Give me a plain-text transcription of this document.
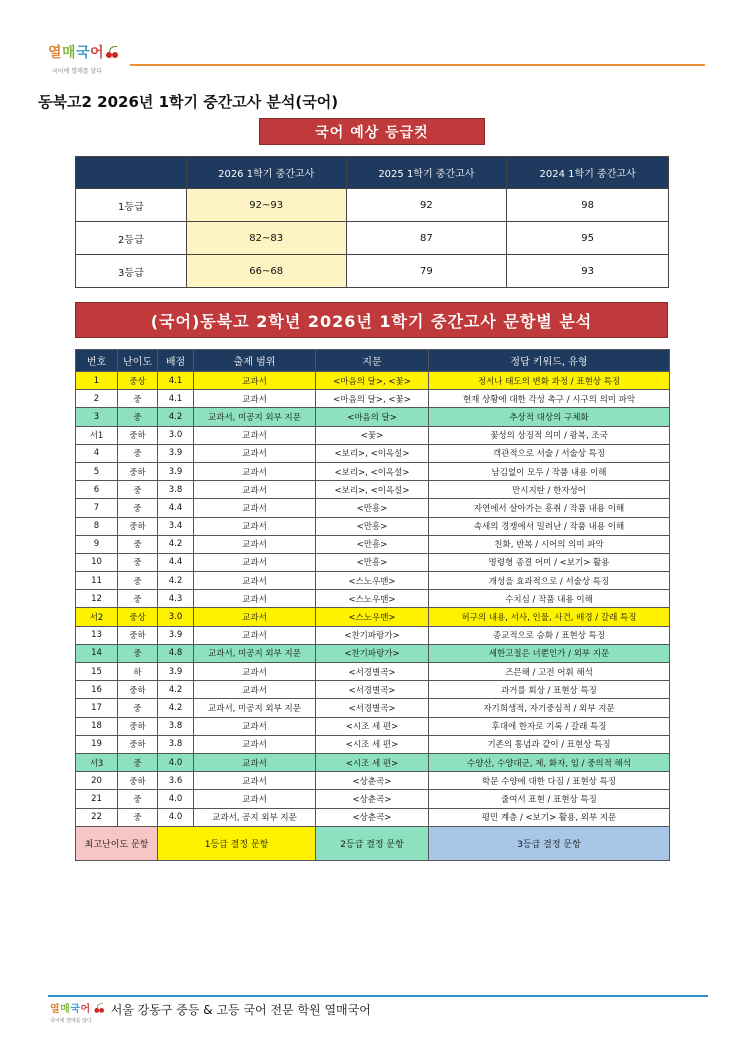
열 매 국 어
국어에 열매를 달다
동북고2 2026년 1학기 중간고사 분석(국어)
국어 예상 등급컷
	2026 1학기 중간고사	2025 1학기 중간고사	2024 1학기 중간고사
1등급	92~93	92	98
2등급	82~83	87	95
3등급	66~68	79	93
(국어)동북고 2학년 2026년 1학기 중간고사 문항별 분석
번호	난이도	배점	출제 범위	지문	정답 키워드, 유형
1	중상	4.1	교과서	<마음의 달>, <꽃>	정서나 태도의 변화 과정 / 표현상 특징
2	중	4.1	교과서	<마음의 달>, <꽃>	현재 상황에 대한 각성 촉구 / 시구의 의미 파악
3	중	4.2	교과서, 미공지 외부 지문	<마음의 달>	추상적 대상의 구체화
서1	중하	3.0	교과서	<꽃>	꽃성의 상징적 의미 / 광복, 조국
4	중	3.9	교과서	<보리>, <이옥설>	객관적으로 서술 / 서술상 특징
5	중하	3.9	교과서	<보리>, <이옥설>	남김없이 모두 / 작품 내용 이해
6	중	3.8	교과서	<보리>, <이옥설>	만시지탄 / 한자성어
7	중	4.4	교과서	<만흥>	자연에서 살아가는 흥취 / 작품 내용 이해
8	중하	3.4	교과서	<만흥>	속세의 경쟁에서 밀려난 / 작품 내용 이해
9	중	4.2	교과서	<만흥>	친화, 반복 / 시어의 의미 파악
10	중	4.4	교과서	<만흥>	명령형 종결 어미 / <보기> 활용
11	중	4.2	교과서	<스노우맨>	개성을 효과적으로 / 서술상 특징
12	중	4.3	교과서	<스노우맨>	수치심 / 작품 내용 이해
서2	중상	3.0	교과서	<스노우맨>	허구의 내용, 서사, 인물, 사건, 배경 / 갈래 특징
13	중하	3.9	교과서	<찬기파랑가>	종교적으로 승화 / 표현상 특징
14	중	4.8	교과서, 미공지 외부 지문	<찬기파랑가>	세한고절은 너뿐인가 / 외부 지문
15	하	3.9	교과서	<서경별곡>	즈믄해 / 고전 어휘 해석
16	중하	4.2	교과서	<서경별곡>	과거를 회상 / 표현상 특징
17	중	4.2	교과서, 미공지 외부 지문	<서경별곡>	자기희생적, 자기중심적 / 외부 지문
18	중하	3.8	교과서	<시조 세 편>	후대에 한자로 기록 / 갈래 특징
19	중하	3.8	교과서	<시조 세 편>	기존의 통념과 같이 / 표현상 특징
서3	중	4.0	교과서	<시조 세 편>	수양산, 수양대군, 제, 화자, 임 / 중의적 해석
20	중하	3.6	교과서	<상춘곡>	학문 수양에 대한 다짐 / 표현상 특징
21	중	4.0	교과서	<상춘곡>	줄여서 표현 / 표현상 특징
22	중	4.0	교과서, 공지 외부 지문	<상춘곡>	평민 계층 / <보기> 활용, 외부 지문
최고난이도 문항		1등급 결정 문항		2등급 결정 문항	3등급 결정 문항
열 매 국 어
국어에 열매를 달다
서울 강동구 중등 & 고등 국어 전문 학원 열매국어
